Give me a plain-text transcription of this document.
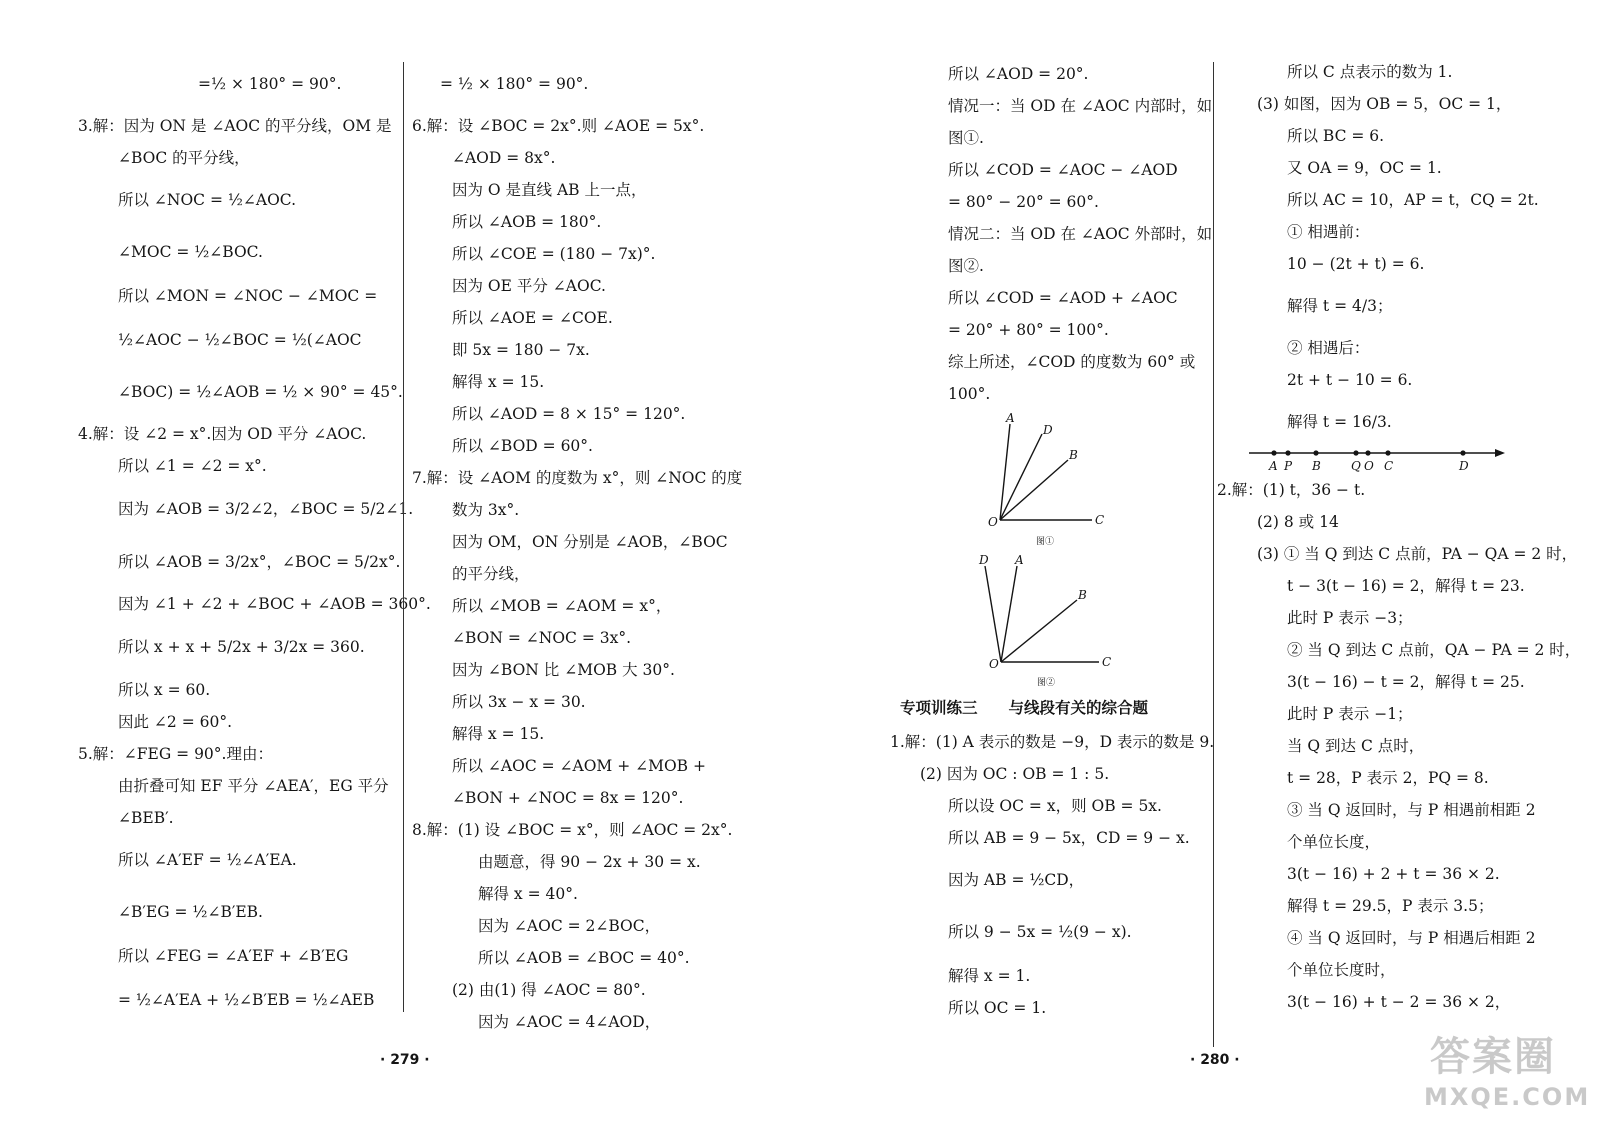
=½ × 180° = 90°.
3.解：因为 ON 是 ∠AOC 的平分线，OM 是
∠BOC 的平分线，
所以 ∠NOC = ½∠AOC.
∠MOC = ½∠BOC.
所以 ∠MON = ∠NOC − ∠MOC =
½∠AOC − ½∠BOC = ½(∠AOC
∠BOC) = ½∠AOB = ½ × 90° = 45°.
4.解：设 ∠2 = x°.因为 OD 平分 ∠AOC.
所以 ∠1 = ∠2 = x°.
因为 ∠AOB = 3/2∠2，∠BOC = 5/2∠1.
所以 ∠AOB = 3/2x°，∠BOC = 5/2x°.
因为 ∠1 + ∠2 + ∠BOC + ∠AOB = 360°.
所以 x + x + 5/2x + 3/2x = 360.
所以 x = 60.
因此 ∠2 = 60°.
5.解：∠FEG = 90°.理由：
由折叠可知 EF 平分 ∠AEA′，EG 平分
∠BEB′.
所以 ∠A′EF = ½∠A′EA.
∠B′EG = ½∠B′EB.
所以 ∠FEG = ∠A′EF + ∠B′EG
= ½∠A′EA + ½∠B′EB = ½∠AEB
= ½ × 180° = 90°.
6.解：设 ∠BOC = 2x°.则 ∠AOE = 5x°.
∠AOD = 8x°.
因为 O 是直线 AB 上一点，
所以 ∠AOB = 180°.
所以 ∠COE = (180 − 7x)°.
因为 OE 平分 ∠AOC.
所以 ∠AOE = ∠COE.
即 5x = 180 − 7x.
解得 x = 15.
所以 ∠AOD = 8 × 15° = 120°.
所以 ∠BOD = 60°.
7.解：设 ∠AOM 的度数为 x°，则 ∠NOC 的度
数为 3x°.
因为 OM，ON 分别是 ∠AOB，∠BOC
的平分线，
所以 ∠MOB = ∠AOM = x°，
∠BON = ∠NOC = 3x°.
因为 ∠BON 比 ∠MOB 大 30°.
所以 3x − x = 30.
解得 x = 15.
所以 ∠AOC = ∠AOM + ∠MOB +
∠BON + ∠NOC = 8x = 120°.
8.解：(1) 设 ∠BOC = x°，则 ∠AOC = 2x°.
由题意，得 90 − 2x + 30 = x.
解得 x = 40°.
因为 ∠AOC = 2∠BOC，
所以 ∠AOB = ∠BOC = 40°.
(2) 由(1) 得 ∠AOC = 80°.
因为 ∠AOC = 4∠AOD，
· 279 ·
所以 ∠AOD = 20°.
情况一：当 OD 在 ∠AOC 内部时，如
图①.
所以 ∠COD = ∠AOC − ∠AOD
= 80° − 20° = 60°.
情况二：当 OD 在 ∠AOC 外部时，如
图②.
所以 ∠COD = ∠AOD + ∠AOC
= 20° + 80° = 100°.
综上所述，∠COD 的度数为 60° 或
100°.
A
D
B
O	C
图①
D A
B
O	C
图②
专项训练三　　与线段有关的综合题
1.解：(1) A 表示的数是 −9，D 表示的数是 9.
(2) 因为 OC : OB = 1 : 5.
所以设 OC = x，则 OB = 5x.
所以 AB = 9 − 5x，CD = 9 − x.
因为 AB = ½CD，
所以 9 − 5x = ½(9 − x).
解得 x = 1.
所以 OC = 1.
所以 C 点表示的数为 1.
(3) 如图，因为 OB = 5，OC = 1，
所以 BC = 6.
又 OA = 9，OC = 1.
所以 AC = 10，AP = t，CQ = 2t.
① 相遇前：
10 − (2t + t) = 6.
解得 t = 4/3；
② 相遇后：
2t + t − 10 = 6.
解得 t = 16/3.
A P B	Q O C	D
2.解：(1) t，36 − t.
(2) 8 或 14
(3) ① 当 Q 到达 C 点前，PA − QA = 2 时，
t − 3(t − 16) = 2，解得 t = 23.
此时 P 表示 −3；
② 当 Q 到达 C 点前，QA − PA = 2 时，
3(t − 16) − t = 2，解得 t = 25.
此时 P 表示 −1；
当 Q 到达 C 点时，
t = 28，P 表示 2，PQ = 8.
③ 当 Q 返回时，与 P 相遇前相距 2
个单位长度，
3(t − 16) + 2 + t = 36 × 2.
解得 t = 29.5，P 表示 3.5；
④ 当 Q 返回时，与 P 相遇后相距 2
个单位长度时，
3(t − 16) + t − 2 = 36 × 2，
· 280 ·	答案圈
MXQE.COM
